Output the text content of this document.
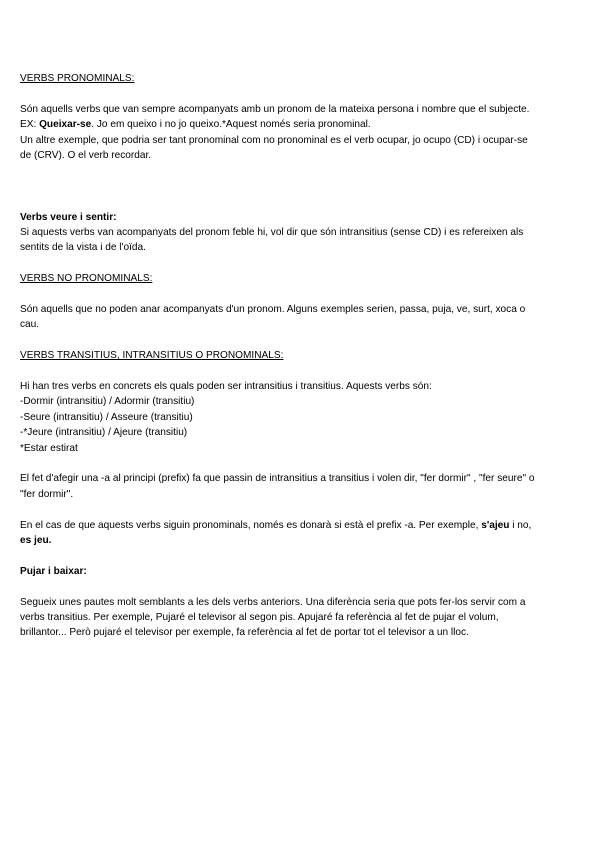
VERBS PRONOMINALS:

Són aquells verbs que van sempre acompanyats amb un pronom de la mateixa persona i nombre que el subjecte.

EX: Queixar-se. Jo em queixo i no jo queixo.*Aquest només seria pronominal.

Un altre exemple, que podria ser tant pronominal com no pronominal es el verb ocupar, jo ocupo (CD) i ocupar-se de (CRV). O el verb recordar.

Verbs veure i sentir:

Si aquests verbs van acompanyats del pronom feble hi, vol dir que són intransitius (sense CD) i es refereixen als sentits de la vista i de l'oïda.

VERBS NO PRONOMINALS:

Són aquells que no poden anar acompanyats d'un pronom. Alguns exemples serien, passa, puja, ve, surt, xoca o cau.

VERBS TRANSITIUS, INTRANSITIUS O PRONOMINALS:

Hi han tres verbs en concrets els quals poden ser intransitius i transitius. Aquests verbs són:

-Dormir (intransitiu) / Adormir (transitiu)

-Seure (intransitiu) / Asseure (transitiu)

-*Jeure (intransitiu) / Ajeure (transitiu)

*Estar estirat

El fet d'afegir una -a al principi (prefix) fa que passin de intransitius a transitius i volen dir, "fer dormir" , "fer seure" o "fer dormir".

En el cas de que aquests verbs siguin pronominals, només es donarà si està el prefix -a. Per exemple, s'ajeu i no, es jeu.

Pujar i baixar:

Segueix unes pautes molt semblants a les dels verbs anteriors. Una diferència seria que pots fer-los servir com a verbs transitius. Per exemple, Pujaré el televisor al segon pis. Apujaré fa referència al fet de pujar el volum, brillantor... Però pujaré el televisor per exemple, fa referència al fet de portar tot el televisor a un lloc.
